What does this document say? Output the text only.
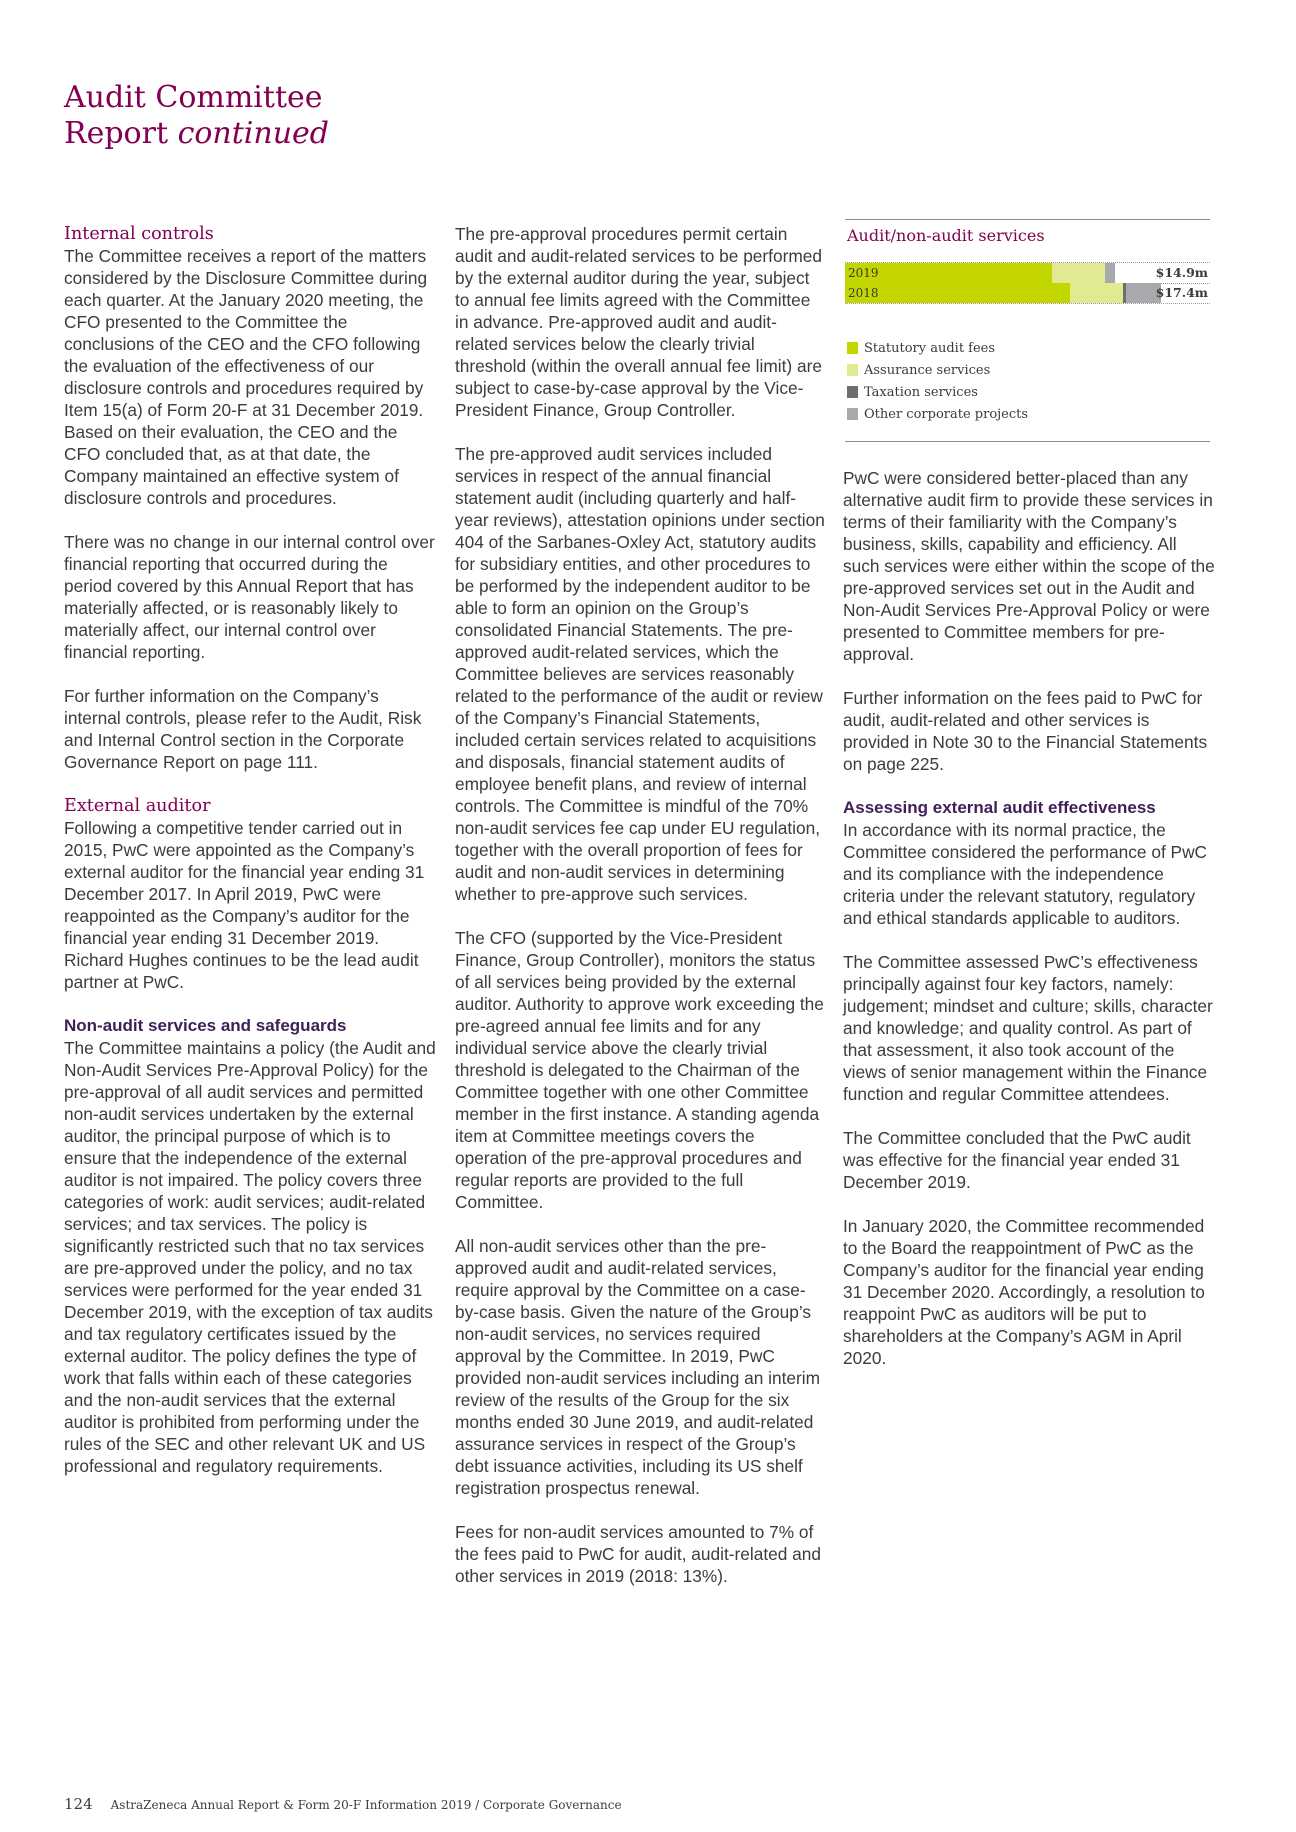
Audit Committee
Report continued
Internal controls

The Committee receives a report of the matters considered by the Disclosure Committee during each quarter. At the January 2020 meeting, the CFO presented to the Committee the conclusions of the CEO and the CFO following the evaluation of the effectiveness of our disclosure controls and procedures required by Item 15(a) of Form 20-F at 31 December 2019. Based on their evaluation, the CEO and the CFO concluded that, as at that date, the Company maintained an effective system of disclosure controls and procedures.

There was no change in our internal control over financial reporting that occurred during the period covered by this Annual Report that has materially affected, or is reasonably likely to materially affect, our internal control over financial reporting.

For further information on the Company’s internal controls, please refer to the Audit, Risk and Internal Control section in the Corporate Governance Report on page 111.

External auditor

Following a competitive tender carried out in 2015, PwC were appointed as the Company’s external auditor for the financial year ending 31 December 2017. In April 2019, PwC were reappointed as the Company’s auditor for the financial year ending 31 December 2019. Richard Hughes continues to be the lead audit partner at PwC.

Non-audit services and safeguards

The Committee maintains a policy (the Audit and Non-Audit Services Pre-Approval Policy) for the pre-approval of all audit services and permitted non-audit services undertaken by the external auditor, the principal purpose of which is to ensure that the independence of the external auditor is not impaired. The policy covers three categories of work: audit services; audit-related services; and tax services. The policy is significantly restricted such that no tax services are pre-approved under the policy, and no tax services were performed for the year ended 31 December 2019, with the exception of tax audits and tax regulatory certificates issued by the external auditor. The policy defines the type of work that falls within each of these categories and the non-audit services that the external auditor is prohibited from performing under the rules of the SEC and other relevant UK and US professional and regulatory requirements.

The pre-approval procedures permit certain audit and audit-related services to be performed by the external auditor during the year, subject to annual fee limits agreed with the Committee in advance. Pre-approved audit and audit-related services below the clearly trivial threshold (within the overall annual fee limit) are subject to case-by-case approval by the Vice-President Finance, Group Controller.

The pre-approved audit services included services in respect of the annual financial statement audit (including quarterly and half-year reviews), attestation opinions under section 404 of the Sarbanes-Oxley Act, statutory audits for subsidiary entities, and other procedures to be performed by the independent auditor to be able to form an opinion on the Group’s consolidated Financial Statements. The pre-approved audit-related services, which the Committee believes are services reasonably related to the performance of the audit or review of the Company’s Financial Statements, included certain services related to acquisitions and disposals, financial statement audits of employee benefit plans, and review of internal controls. The Committee is mindful of the 70% non-audit services fee cap under EU regulation, together with the overall proportion of fees for audit and non-audit services in determining whether to pre-approve such services.

The CFO (supported by the Vice-President Finance, Group Controller), monitors the status of all services being provided by the external auditor. Authority to approve work exceeding the pre-agreed annual fee limits and for any individual service above the clearly trivial threshold is delegated to the Chairman of the Committee together with one other Committee member in the first instance. A standing agenda item at Committee meetings covers the operation of the pre-approval procedures and regular reports are provided to the full Committee.

All non-audit services other than the pre-approved audit and audit-related services, require approval by the Committee on a case-by-case basis. Given the nature of the Group’s non-audit services, no services required approval by the Committee. In 2019, PwC provided non-audit services including an interim review of the results of the Group for the six months ended 30 June 2019, and audit-related assurance services in respect of the Group’s debt issuance activities, including its US shelf registration prospectus renewal.

Fees for non-audit services amounted to 7% of the fees paid to PwC for audit, audit-related and other services in 2019 (2018: 13%).

Audit/non-audit services
2019	$14.9m
2018	$17.4m
Statutory audit fees
Assurance services
Taxation services
Other corporate projects

PwC were considered better-placed than any alternative audit firm to provide these services in terms of their familiarity with the Company’s business, skills, capability and efficiency. All such services were either within the scope of the pre-approved services set out in the Audit and Non-Audit Services Pre-Approval Policy or were presented to Committee members for pre-approval.

Further information on the fees paid to PwC for audit, audit-related and other services is provided in Note 30 to the Financial Statements on page 225.

Assessing external audit effectiveness

In accordance with its normal practice, the Committee considered the performance of PwC and its compliance with the independence criteria under the relevant statutory, regulatory and ethical standards applicable to auditors.

The Committee assessed PwC’s effectiveness principally against four key factors, namely: judgement; mindset and culture; skills, character and knowledge; and quality control. As part of that assessment, it also took account of the views of senior management within the Finance function and regular Committee attendees.

The Committee concluded that the PwC audit was effective for the financial year ended 31 December 2019.

In January 2020, the Committee recommended to the Board the reappointment of PwC as the Company’s auditor for the financial year ending 31 December 2020. Accordingly, a resolution to reappoint PwC as auditors will be put to shareholders at the Company’s AGM in April 2020.

124 AstraZeneca Annual Report & Form 20-F Information 2019 / Corporate Governance
